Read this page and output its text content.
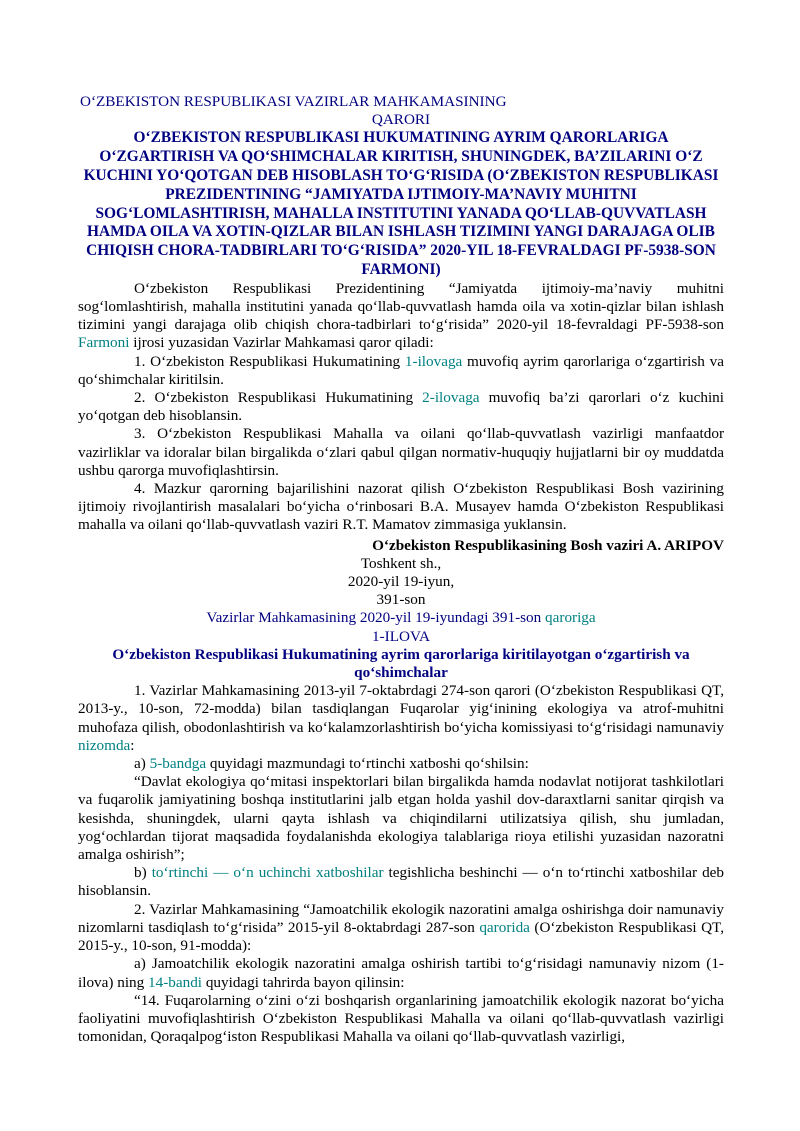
O‘ZBEKISTON RESPUBLIKASI VAZIRLAR MAHKAMASINING
QARORI
O‘ZBEKISTON RESPUBLIKASI HUKUMATINING AYRIM QARORLARIGA O‘ZGARTIRISH VA QO‘SHIMCHALAR KIRITISH, SHUNINGDEK, BA’ZILARINI O‘Z KUCHINI YO‘QOTGAN DEB HISOBLASH TO‘G‘RISIDA (O‘ZBEKISTON RESPUBLIKASI PREZIDENTINING “JAMIYATDA IJTIMOIY-MA’NAVIY MUHITNI SOG‘LOMLASHTIRISH, MAHALLA INSTITUTINI YANADA QO‘LLAB-QUVVATLASH HAMDA OILA VA XOTIN-QIZLAR BILAN ISHLASH TIZIMINI YANGI DARAJAGA OLIB CHIQISH CHORA-TADBIRLARI TO‘G‘RISIDA” 2020-YIL 18-FEVRALDAGI PF-5938-SON FARMONI)

O‘zbekiston Respublikasi Prezidentining “Jamiyatda ijtimoiy-ma’naviy muhitni sog‘lomlashtirish, mahalla institutini yanada qo‘llab-quvvatlash hamda oila va xotin-qizlar bilan ishlash tizimini yangi darajaga olib chiqish chora-tadbirlari to‘g‘risida” 2020-yil 18-fevraldagi PF-5938-son Farmoni ijrosi yuzasidan Vazirlar Mahkamasi qaror qiladi:

1. O‘zbekiston Respublikasi Hukumatining 1-ilovaga muvofiq ayrim qarorlariga o‘zgartirish va qo‘shimchalar kiritilsin.

2. O‘zbekiston Respublikasi Hukumatining 2-ilovaga muvofiq ba’zi qarorlari o‘z kuchini yo‘qotgan deb hisoblansin.

3. O‘zbekiston Respublikasi Mahalla va oilani qo‘llab-quvvatlash vazirligi manfaatdor vazirliklar va idoralar bilan birgalikda o‘zlari qabul qilgan normativ-huquqiy hujjatlarni bir oy muddatda ushbu qarorga muvofiqlashtirsin.

4. Mazkur qarorning bajarilishini nazorat qilish O‘zbekiston Respublikasi Bosh vazirining ijtimoiy rivojlantirish masalalari bo‘yicha o‘rinbosari B.A. Musayev hamda O‘zbekiston Respublikasi mahalla va oilani qo‘llab-quvvatlash vaziri R.T. Mamatov zimmasiga yuklansin.

O‘zbekiston Respublikasining Bosh vaziri A. ARIPOV
Toshkent sh.,
2020-yil 19-iyun,
391-son
Vazirlar Mahkamasining 2020-yil 19-iyundagi 391-son qaroriga
1-ILOVA
O‘zbekiston Respublikasi Hukumatining ayrim qarorlariga kiritilayotgan o‘zgartirish va qo‘shimchalar

1. Vazirlar Mahkamasining 2013-yil 7-oktabrdagi 274-son qarori (O‘zbekiston Respublikasi QT, 2013-y., 10-son, 72-modda) bilan tasdiqlangan Fuqarolar yig‘inining ekologiya va atrof-muhitni muhofaza qilish, obodonlashtirish va ko‘kalamzorlashtirish bo‘yicha komissiyasi to‘g‘risidagi namunaviy nizomda:

a) 5-bandga quyidagi mazmundagi to‘rtinchi xatboshi qo‘shilsin:

“Davlat ekologiya qo‘mitasi inspektorlari bilan birgalikda hamda nodavlat notijorat tashkilotlari va fuqarolik jamiyatining boshqa institutlarini jalb etgan holda yashil dov-daraxtlarni sanitar qirqish va kesishda, shuningdek, ularni qayta ishlash va chiqindilarni utilizatsiya qilish, shu jumladan, yog‘ochlardan tijorat maqsadida foydalanishda ekologiya talablariga rioya etilishi yuzasidan nazoratni amalga oshirish”;

b) to‘rtinchi — o‘n uchinchi xatboshilar tegishlicha beshinchi — o‘n to‘rtinchi xatboshilar deb hisoblansin.

2. Vazirlar Mahkamasining “Jamoatchilik ekologik nazoratini amalga oshirishga doir namunaviy nizomlarni tasdiqlash to‘g‘risida” 2015-yil 8-oktabrdagi 287-son qarorida (O‘zbekiston Respublikasi QT, 2015-y., 10-son, 91-modda):

a) Jamoatchilik ekologik nazoratini amalga oshirish tartibi to‘g‘risidagi namunaviy nizom (1-ilova) ning 14-bandi quyidagi tahrirda bayon qilinsin:

“14. Fuqarolarning o‘zini o‘zi boshqarish organlarining jamoatchilik ekologik nazorat bo‘yicha faoliyatini muvofiqlashtirish O‘zbekiston Respublikasi Mahalla va oilani qo‘llab-quvvatlash vazirligi tomonidan, Qoraqalpog‘iston Respublikasi Mahalla va oilani qo‘llab-quvvatlash vazirligi,
